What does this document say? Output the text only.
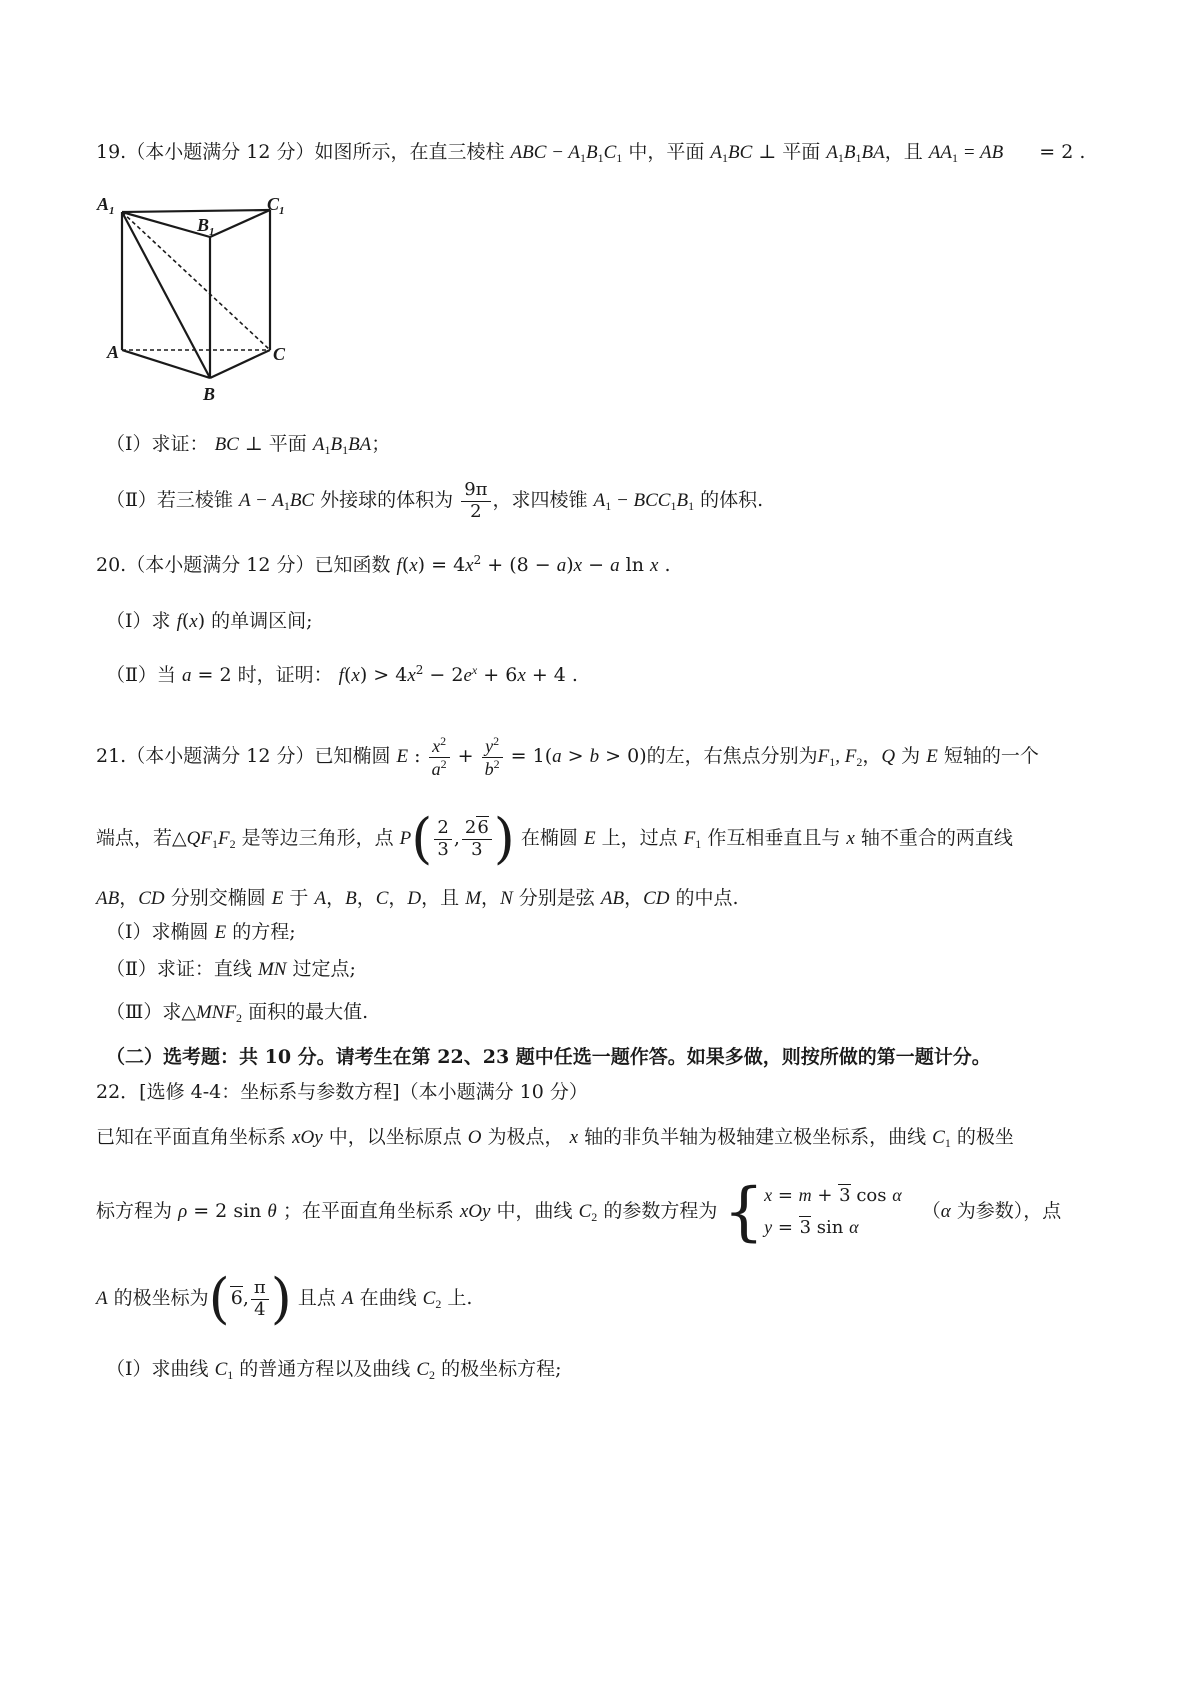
19.（本小题满分 12 分）如图所示，在直三棱柱 ABC − $A_1B_1C_1$ 中，平面 $A_1BC$ ⊥ 平面 $A_1B_1BA$，且 $AA_1$ = AB = 2 .
$A_1$
$B_1$
$C_1$
A
B
C
（Ⅰ）求证： BC ⊥ 平面 $A_1B_1BA$；
（Ⅱ）若三棱锥 $A - A_1BC$ 外接球的体积为 $\frac{9\pi}{2}$ ，求四棱锥 $A_1 - BCC_1B_1$ 的体积.
20.（本小题满分 12 分）已知函数 $f(x) = 4x^2 + (8 - a)x - a$ ln x .
（Ⅰ）求 f(x) 的单调区间;
（Ⅱ）当 a = 2 时，证明： $f(x) > 4x^2 - 2e^x + 6x + 4$ .
21.（本小题满分 12 分）已知椭圆 E : $\frac{x^2}{a^2} + \frac{y^2}{b^2} = 1(a > b > 0)$的左，右焦点分别为$F_1$, $F_2$，Q 为 E 短轴的一个
端点，若$\triangle QF_1F_2$ 是等边三角形，点 $P( \frac{2}{3}$ , $\frac{26}{3}$ ) 在椭圆 E 上，过点 $F_1$ 作互相垂直且与 x 轴不重合的两直线
AB，CD 分别交椭圆 E 于 A，B，C，D，且 M，N 分别是弦 AB，CD 的中点.
（Ⅰ）求椭圆 E 的方程;
（Ⅱ）求证：直线 MN 过定点;
（Ⅲ）求$\triangle MNF_2$ 面积的最大值.
（二）选考题：共 10 分。请考生在第 22、23 题中任选一题作答。如果多做，则按所做的第一题计分。
22．[选修 4-4：坐标系与参数方程]（本小题满分 10 分）
已知在平面直角坐标系 xOy 中，以坐标原点 O 为极点， x 轴的非负半轴为极轴建立极坐标系，曲线 $C_1$ 的极坐
标方程为 ρ = 2 sin θ ；在平面直角坐标系 xOy 中，曲线 $C_2$ 的参数方程为 {x = m + 3 cos α
y = 3 sin α （α 为参数），点
A 的极坐标为(6, $\frac{\pi}{4}$ ) 且点 A 在曲线 $C_2$ 上.
（Ⅰ）求曲线 $C_1$ 的普通方程以及曲线 $C_2$ 的极坐标方程;
